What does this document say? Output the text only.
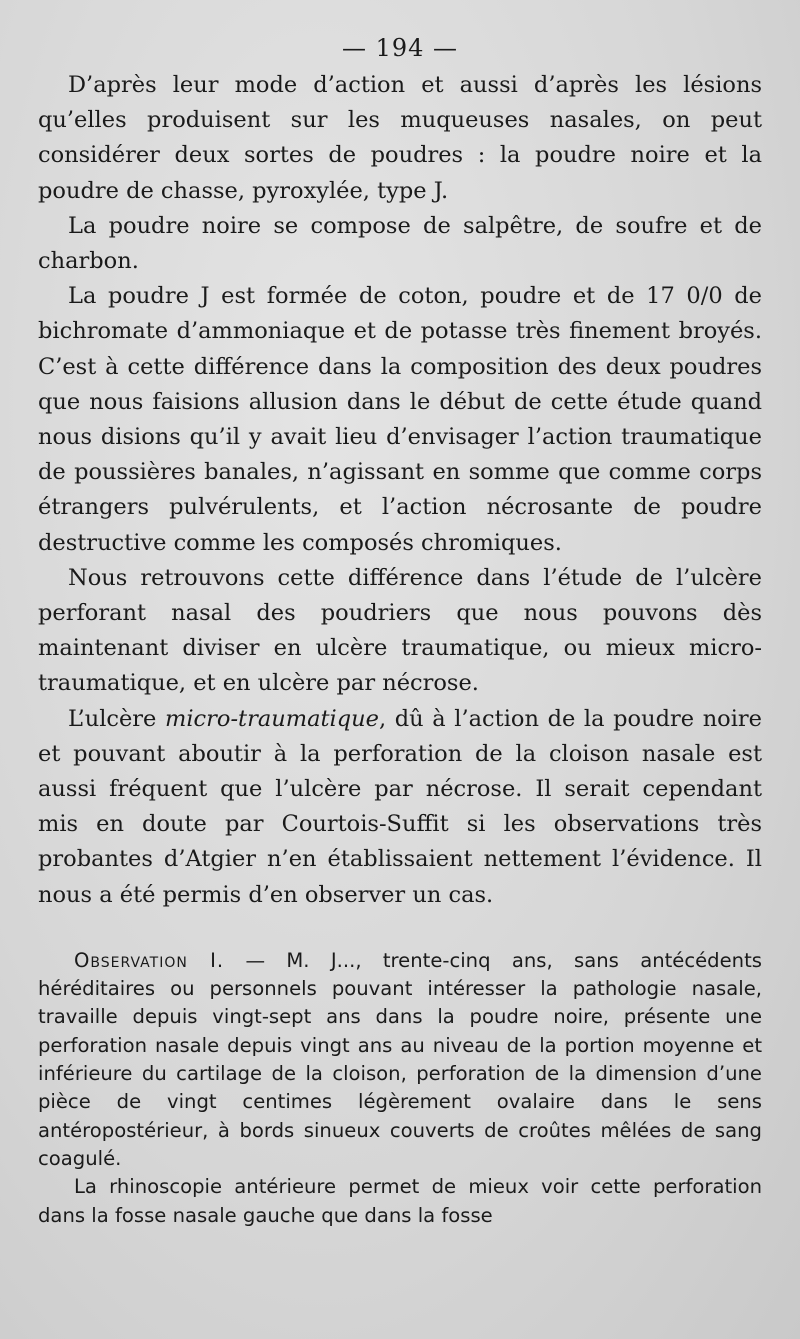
— 194 —

D’après leur mode d’action et aussi d’après les lésions qu’elles produisent sur les muqueuses nasales, on peut considérer deux sortes de poudres : la poudre noire et la poudre de chasse, pyroxylée, type J.

La poudre noire se compose de salpêtre, de soufre et de charbon.

La poudre J est formée de coton, poudre et de 17 0/0 de bichromate d’ammoniaque et de potasse très finement broyés. C’est à cette différence dans la composition des deux poudres que nous faisions allusion dans le début de cette étude quand nous disions qu’il y avait lieu d’envisager l’action traumatique de poussières banales, n’agissant en somme que comme corps étrangers pulvérulents, et l’action nécrosante de poudre destructive comme les composés chromiques.

Nous retrouvons cette différence dans l’étude de l’ulcère perforant nasal des poudriers que nous pouvons dès maintenant diviser en ulcère traumatique, ou mieux micro-traumatique, et en ulcère par nécrose.

L’ulcère micro-traumatique, dû à l’action de la poudre noire et pouvant aboutir à la perforation de la cloison nasale est aussi fréquent que l’ulcère par nécrose. Il serait cependant mis en doute par Courtois-Suffit si les observations très probantes d’Atgier n’en établissaient nettement l’évidence. Il nous a été permis d’en observer un cas.

Observation I. — M. J..., trente-cinq ans, sans antécédents héréditaires ou personnels pouvant intéresser la pathologie nasale, travaille depuis vingt-sept ans dans la poudre noire, présente une perforation nasale depuis vingt ans au niveau de la portion moyenne et inférieure du cartilage de la cloison, perforation de la dimension d’une pièce de vingt centimes légèrement ovalaire dans le sens antéropostérieur, à bords sinueux couverts de croûtes mêlées de sang coagulé.

La rhinoscopie antérieure permet de mieux voir cette perforation dans la fosse nasale gauche que dans la fosse
